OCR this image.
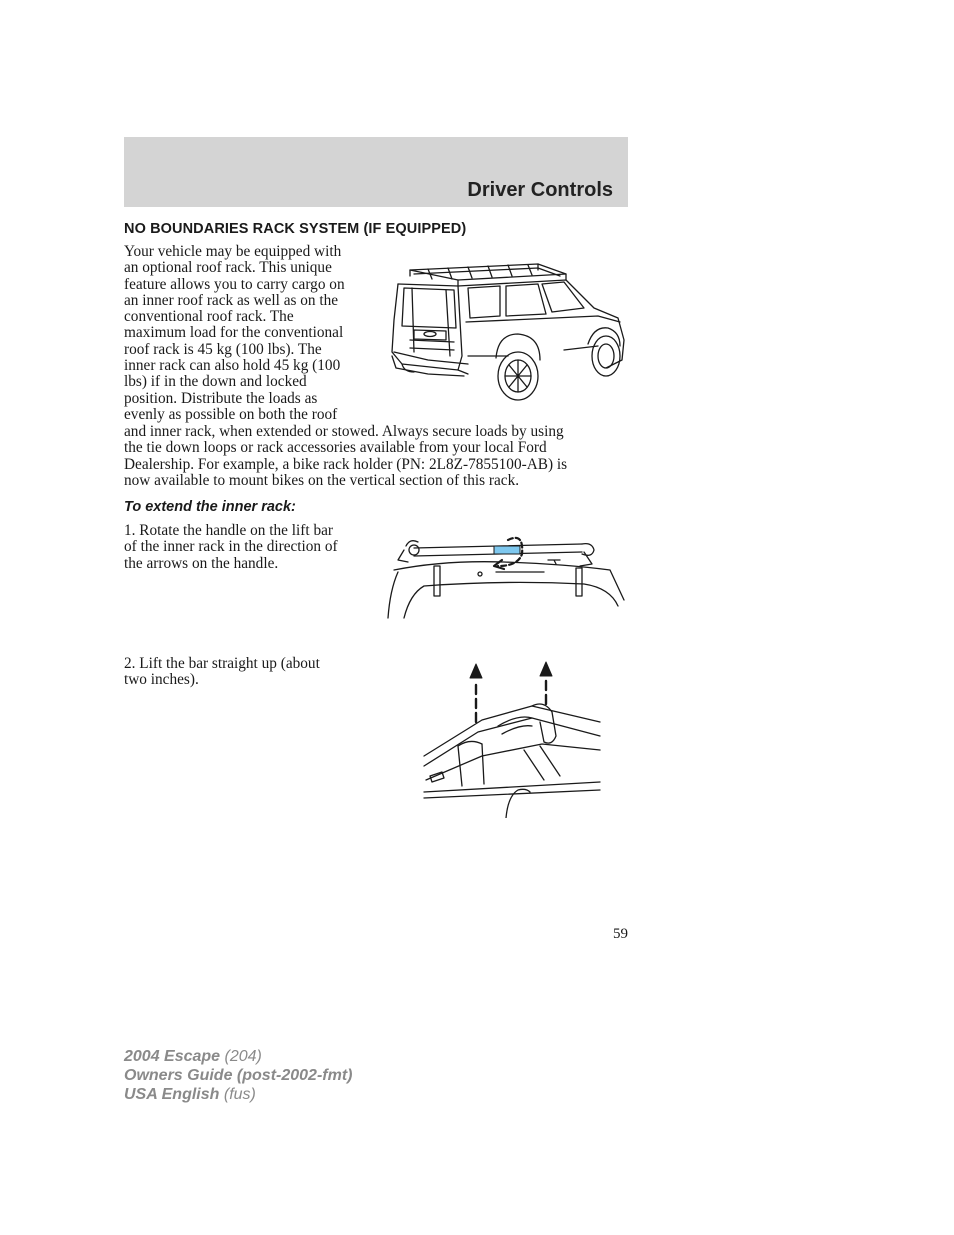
Driver Controls
NO BOUNDARIES RACK SYSTEM (IF EQUIPPED)

Your vehicle may be equipped with
an optional roof rack. This unique
feature allows you to carry cargo on
an inner roof rack as well as on the
conventional roof rack. The
maximum load for the conventional
roof rack is 45 kg (100 lbs). The
inner rack can also hold 45 kg (100
lbs) if in the down and locked
position. Distribute the loads as
evenly as possible on both the roof

and inner rack, when extended or stowed. Always secure loads by using
the tie down loops or rack accessories available from your local Ford
Dealership. For example, a bike rack holder (PN: 2L8Z-7855100-AB) is
now available to mount bikes on the vertical section of this rack.

To extend the inner rack:

1. Rotate the handle on the lift bar
of the inner rack in the direction of
the arrows on the handle.

2. Lift the bar straight up (about
two inches).

59
2004 Escape (204)
Owners Guide (post-2002-fmt)
USA English (fus)
